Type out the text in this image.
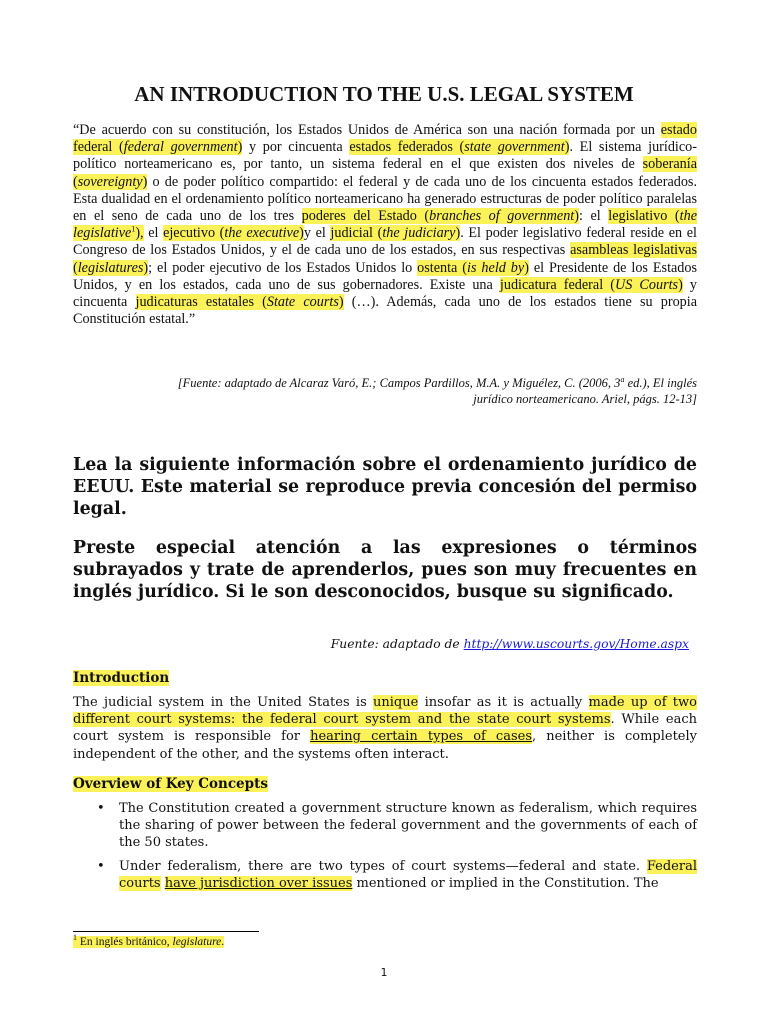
AN INTRODUCTION TO THE U.S. LEGAL SYSTEM
“De acuerdo con su constitución, los Estados Unidos de América son una nación formada por un estado federal (federal government) y por cincuenta estados federados (state government). El sistema jurídico-político norteamericano es, por tanto, un sistema federal en el que existen dos niveles de soberanía (sovereignty) o de poder político compartido: el federal y de cada uno de los cincuenta estados federados. Esta dualidad en el ordenamiento político norteamericano ha generado estructuras de poder político paralelas en el seno de cada uno de los tres poderes del Estado (branches of government): el legislativo (the legislative$^1$), el ejecutivo (the executive)y el judicial (the judiciary). El poder legislativo federal reside en el Congreso de los Estados Unidos, y el de cada uno de los estados, en sus respectivas asambleas legislativas (legislatures); el poder ejecutivo de los Estados Unidos lo ostenta (is held by) el Presidente de los Estados Unidos, y en los estados, cada uno de sus gobernadores. Existe una judicatura federal (US Courts) y cincuenta judicaturas estatales (State courts) (…). Además, cada uno de los estados tiene su propia Constitución estatal.”
[Fuente: adaptado de Alcaraz Varó, E.; Campos Pardillos, M.A. y Miguélez, C. (2006, 3$^a$ ed.), El inglés
jurídico norteamericano. Ariel, págs. 12-13]
Lea la siguiente información sobre el ordenamiento jurídico de EEUU. Este material se reproduce previa concesión del permiso legal.
Preste especial atención a las expresiones o términos subrayados y trate de aprenderlos, pues son muy frecuentes en inglés jurídico. Si le son desconocidos, busque su significado.
Fuente: adaptado de http://www.uscourts.gov/Home.aspx
Introduction
The judicial system in the United States is unique insofar as it is actually made up of two different court systems: the federal court system and the state court systems. While each court system is responsible for hearing certain types of cases, neither is completely independent of the other, and the systems often interact.
Overview of Key Concepts
• The Constitution created a government structure known as federalism, which requires the sharing of power between the federal government and the governments of each of the 50 states.
• Under federalism, there are two types of court systems—federal and state. Federal courts have jurisdiction over issues mentioned or implied in the Constitution. The
$^1$ En inglés británico, legislature.
1
